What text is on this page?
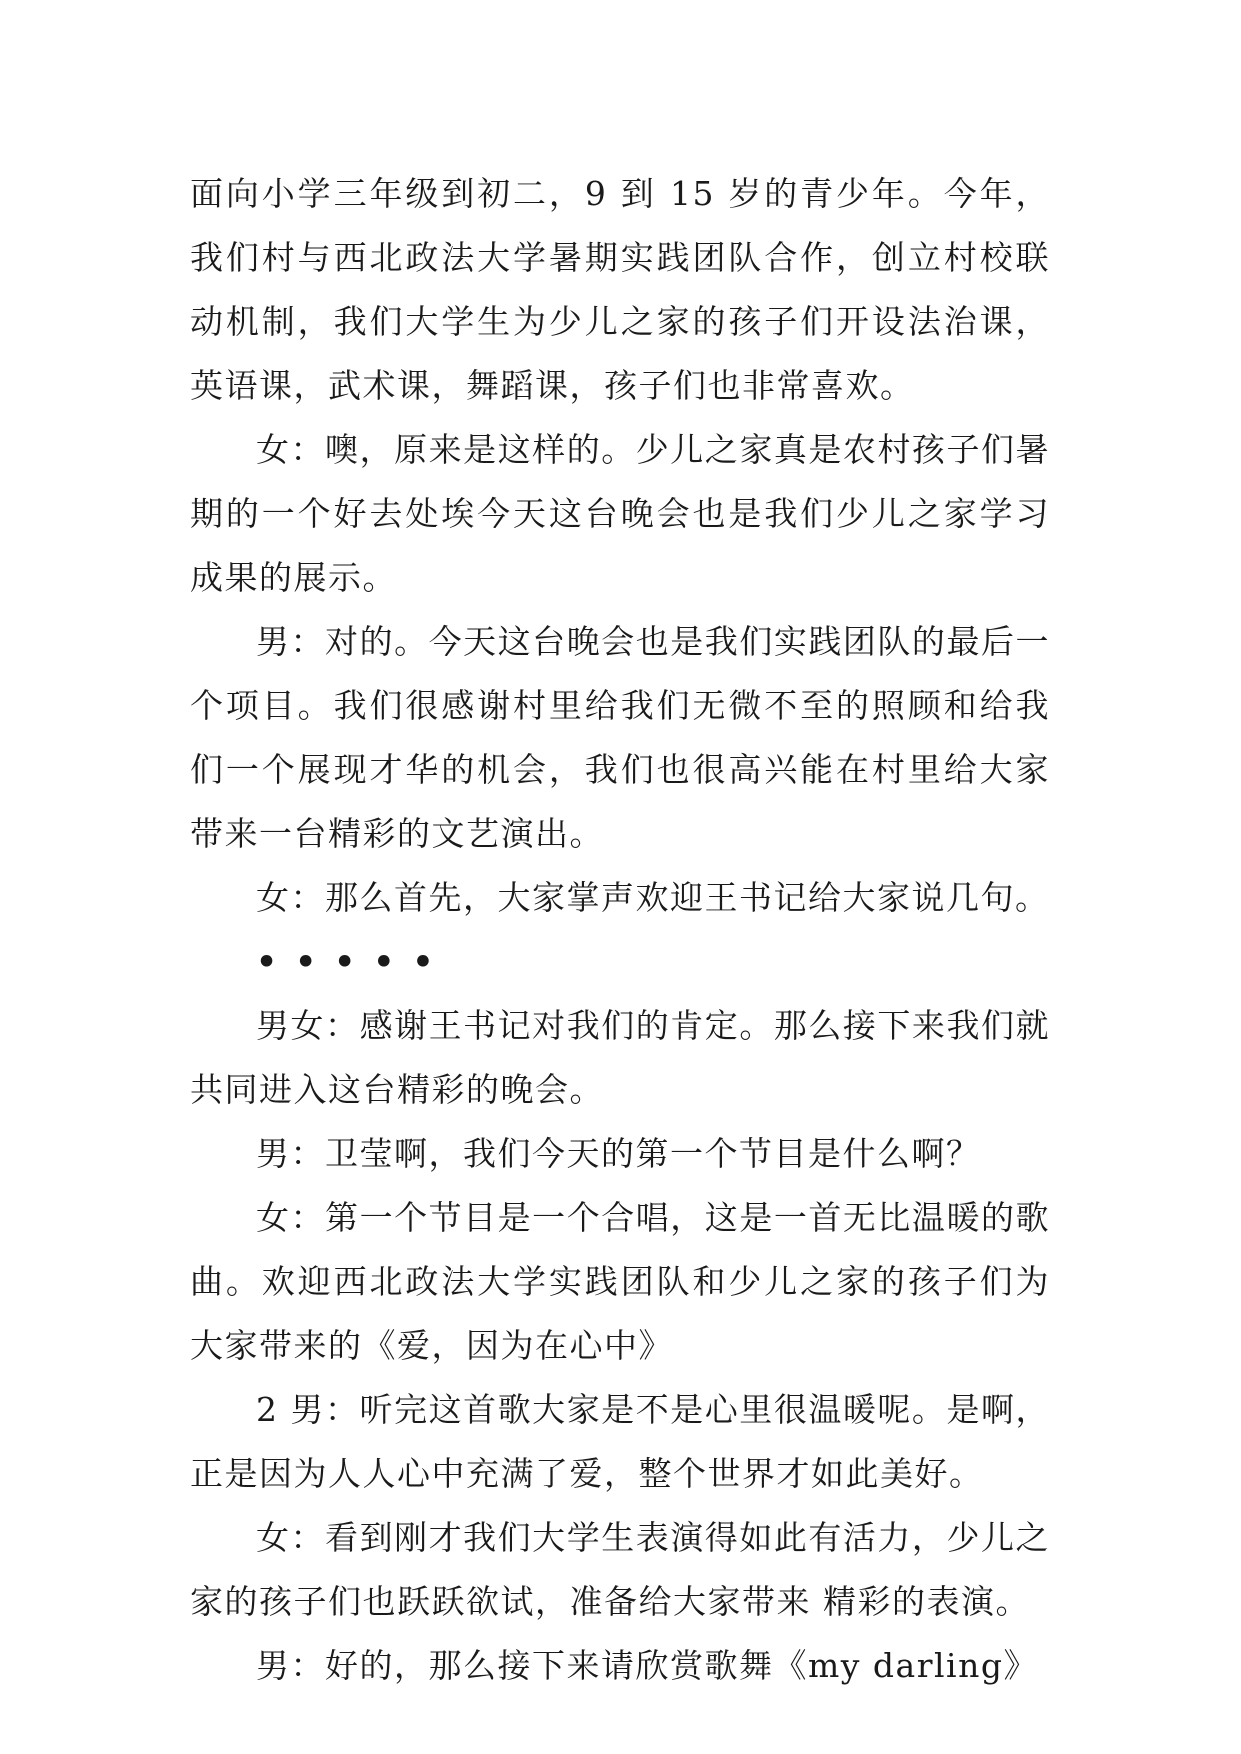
面向小学三年级到初二，9 到 15 岁的青少年。今年，我们村与西北政法大学暑期实践团队合作，创立村校联动机制，我们大学生为少儿之家的孩子们开设法治课，英语课，武术课，舞蹈课，孩子们也非常喜欢。

女：噢，原来是这样的。少儿之家真是农村孩子们暑期的一个好去处埃今天这台晚会也是我们少儿之家学习成果的展示。

男：对的。今天这台晚会也是我们实践团队的最后一个项目。我们很感谢村里给我们无微不至的照顾和给我们一个展现才华的机会，我们也很高兴能在村里给大家带来一台精彩的文艺演出。

女：那么首先，大家掌声欢迎王书记给大家说几句。

•••••

男女：感谢王书记对我们的肯定。那么接下来我们就共同进入这台精彩的晚会。

男：卫莹啊，我们今天的第一个节目是什么啊？

女：第一个节目是一个合唱，这是一首无比温暖的歌曲。欢迎西北政法大学实践团队和少儿之家的孩子们为大家带来的《爱，因为在心中》

2 男：听完这首歌大家是不是心里很温暖呢。是啊，正是因为人人心中充满了爱，整个世界才如此美好。

女：看到刚才我们大学生表演得如此有活力，少儿之家的孩子们也跃跃欲试，准备给大家带来 精彩的表演。

男：好的，那么接下来请欣赏歌舞《my darling》
